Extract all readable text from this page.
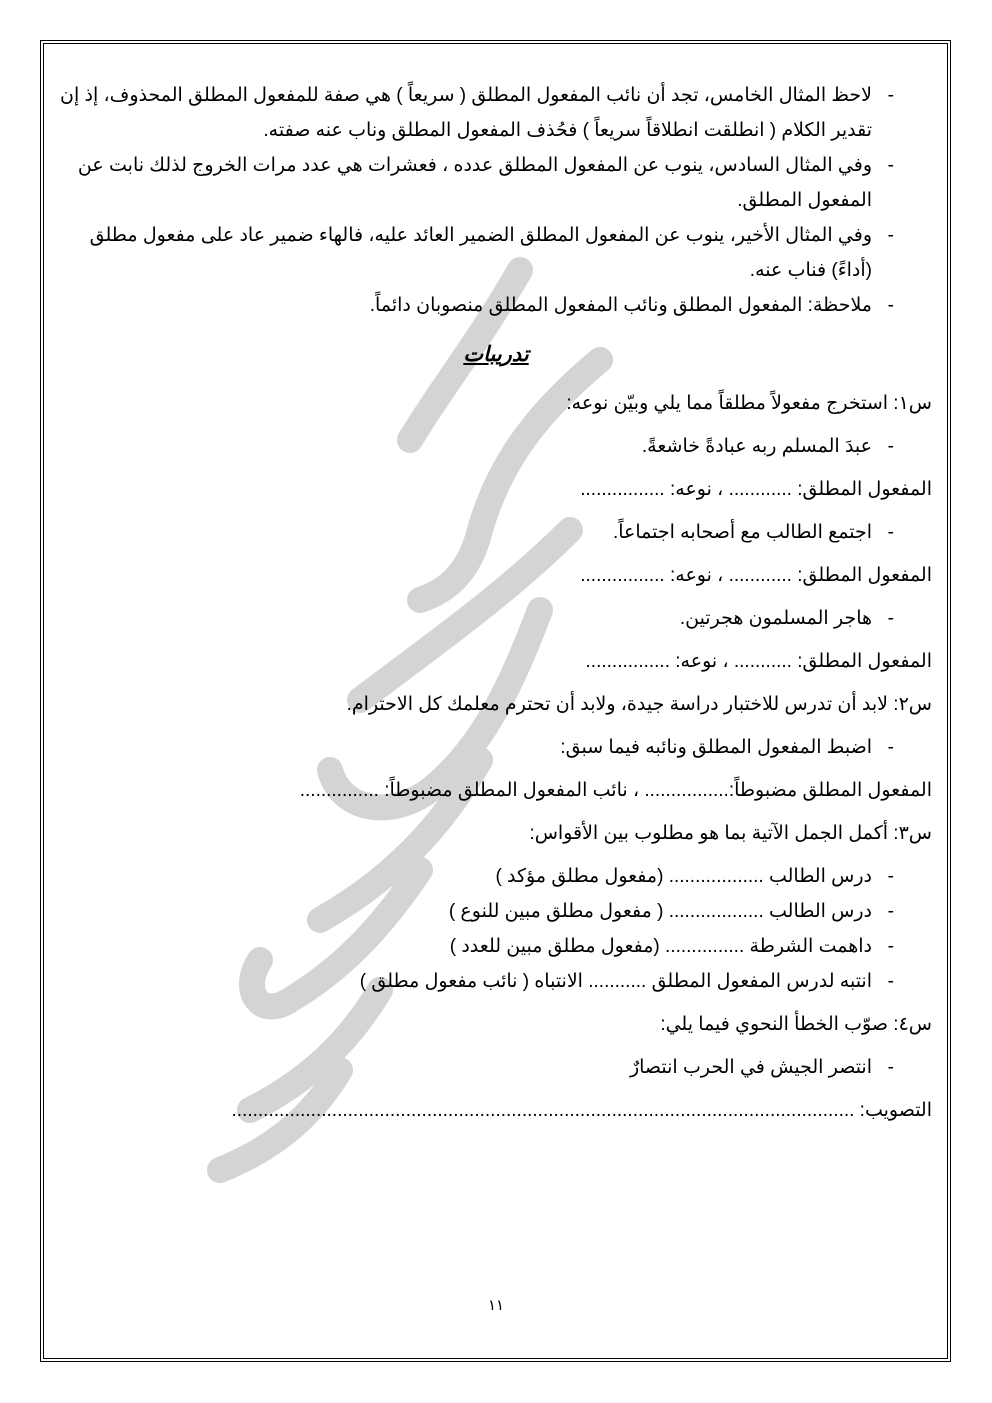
- لاحظ المثال الخامس، تجد أن نائب المفعول المطلق ( سريعاً ) هي صفة للمفعول المطلق المحذوف، إذ إن تقدير الكلام ( انطلقت انطلاقاً سريعاً ) فحُذف المفعول المطلق وناب عنه صفته.
- وفي المثال السادس، ينوب عن المفعول المطلق عدده ، فعشرات هي عدد مرات الخروج لذلك نابت عن المفعول المطلق.
- وفي المثال الأخير، ينوب عن المفعول المطلق الضمير العائد عليه، فالهاء ضمير عاد على مفعول مطلق (أداءً) فناب عنه.
- ملاحظة: المفعول المطلق ونائب المفعول المطلق منصوبان دائماً.
تدريبات
س١: استخرج مفعولاً مطلقاً مما يلي وبيّن نوعه:
- عبدَ المسلم ربه عبادةً خاشعةً.
المفعول المطلق: ............ ، نوعه: ................
- اجتمع الطالب مع أصحابه اجتماعاً.
المفعول المطلق: ............ ، نوعه: ................
- هاجر المسلمون هجرتين.
المفعول المطلق: ........... ، نوعه: ................
س٢: لابد أن تدرس للاختبار دراسة جيدة، ولابد أن تحترم معلمك كل الاحترام.
- اضبط المفعول المطلق ونائبه فيما سبق:
المفعول المطلق مضبوطاً:................ ، نائب المفعول المطلق مضبوطاً: ...............
س٣: أكمل الجمل الآتية بما هو مطلوب بين الأقواس:
- درس الطالب .................. (مفعول مطلق مؤكد )
- درس الطالب .................. ( مفعول مطلق مبين للنوع )
- داهمت الشرطة ............... (مفعول مطلق مبين للعدد )
- انتبه لدرس المفعول المطلق ........... الانتباه ( نائب مفعول مطلق )
س٤: صوّب الخطأ النحوي فيما يلي:
- انتصر الجيش في الحرب انتصارٌ
التصويب: ......................................................................................................................
١١
